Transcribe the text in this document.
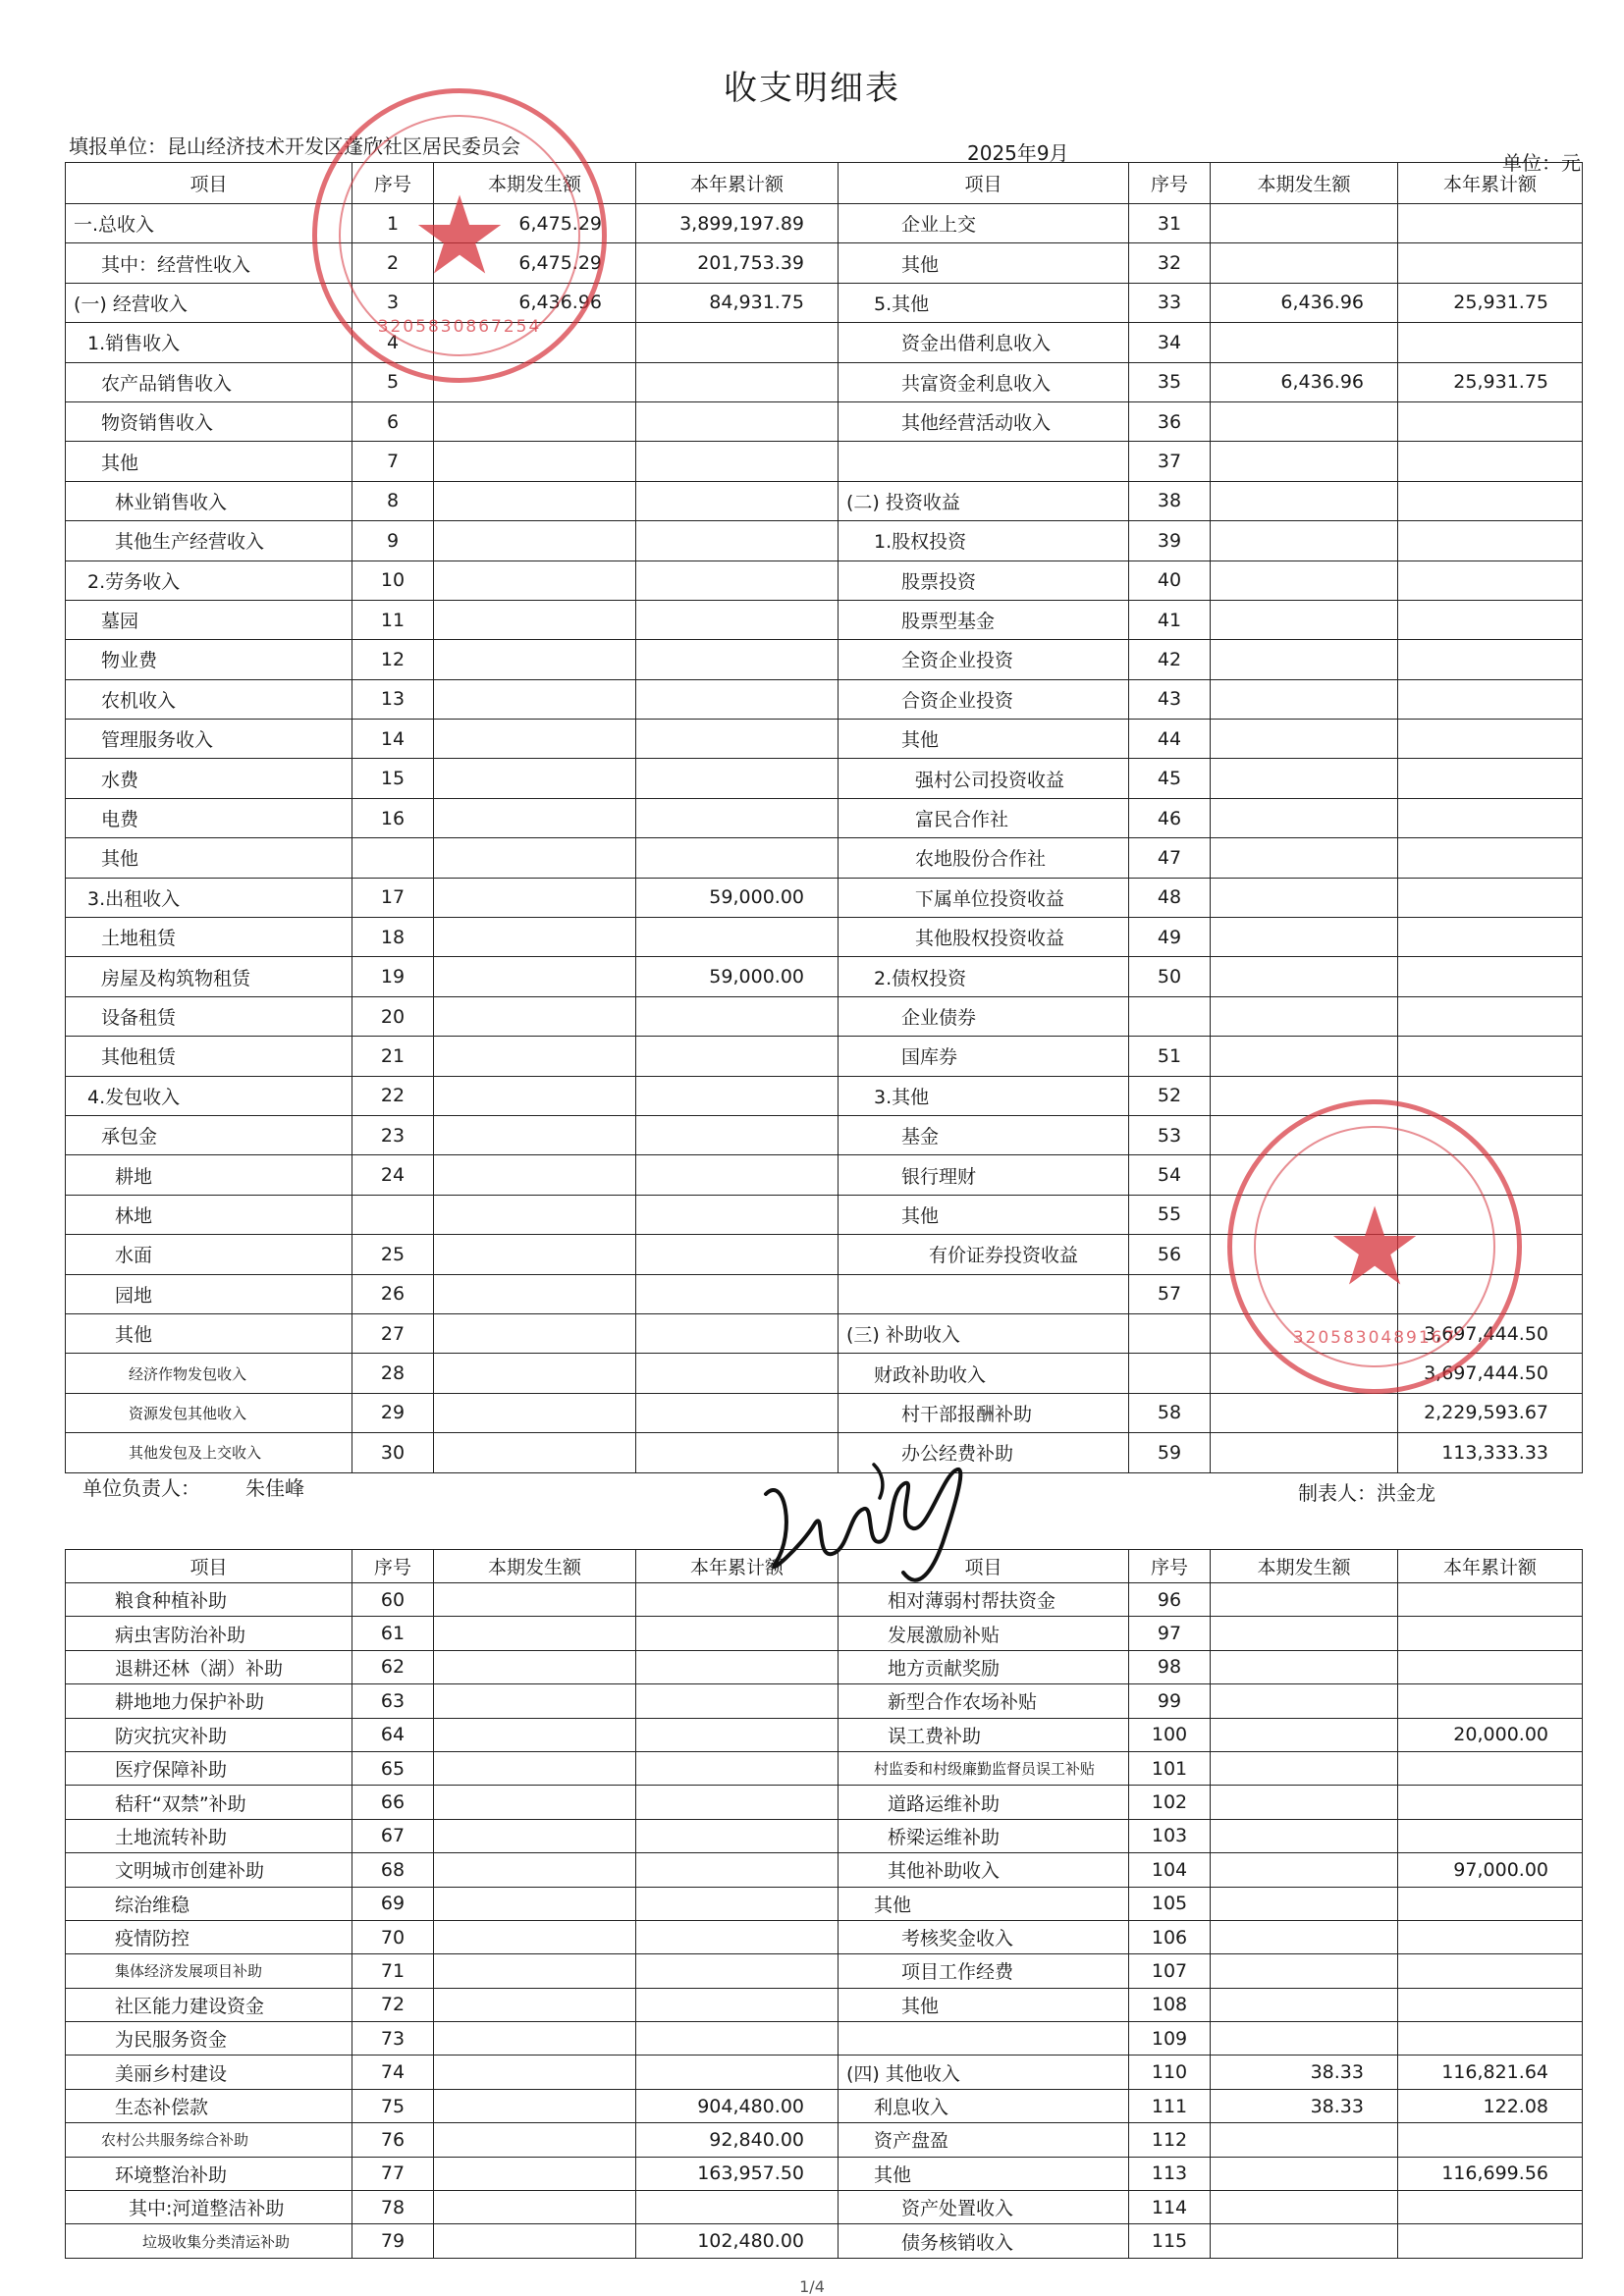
收支明细表
填报单位：昆山经济技术开发区蓬欣社区居民委员会	2025年9月	单位：元
项目	序号	本期发生额	本年累计额	项目	序号	本期发生额	本年累计额
一.总收入	1	6,475.29	3,899,197.89	企业上交	31		
其中：经营性收入	2	6,475.29	201,753.39	其他	32		
(一) 经营收入	3	6,436.96	84,931.75	5.其他	33	6,436.96	25,931.75
1.销售收入	4			资金出借利息收入	34		
农产品销售收入	5			共富资金利息收入	35	6,436.96	25,931.75
物资销售收入	6			其他经营活动收入	36		
其他	7				37		
林业销售收入	8			(二) 投资收益	38		
其他生产经营收入	9			1.股权投资	39		
2.劳务收入	10			股票投资	40		
墓园	11			股票型基金	41		
物业费	12			全资企业投资	42		
农机收入	13			合资企业投资	43		
管理服务收入	14			其他	44		
水费	15			强村公司投资收益	45		
电费	16			富民合作社	46		
其他				农地股份合作社	47		
3.出租收入	17		59,000.00	下属单位投资收益	48		
土地租赁	18			其他股权投资收益	49		
房屋及构筑物租赁	19		59,000.00	2.债权投资	50		
设备租赁	20			企业债券			
其他租赁	21			国库券	51		
4.发包收入	22			3.其他	52		
承包金	23			基金	53		
耕地	24			银行理财	54		
林地				其他	55		
水面	25			有价证券投资收益	56		
园地	26				57		
其他	27			(三) 补助收入			3,697,444.50
经济作物发包收入	28			财政补助收入			3,697,444.50
资源发包其他收入	29			村干部报酬补助	58		2,229,593.67
其他发包及上交收入	30			办公经费补助	59		113,333.33
单位负责人： 朱佳峰	制表人：洪金龙
项目	序号	本期发生额	本年累计额	项目	序号	本期发生额	本年累计额
粮食种植补助	60			相对薄弱村帮扶资金	96		
病虫害防治补助	61			发展激励补贴	97		
退耕还林（湖）补助	62			地方贡献奖励	98		
耕地地力保护补助	63			新型合作农场补贴	99		
防灾抗灾补助	64			误工费补助	100		20,000.00
医疗保障补助	65			村监委和村级廉勤监督员误工补贴	101		
秸秆“双禁”补助	66			道路运维补助	102		
土地流转补助	67			桥梁运维补助	103		
文明城市创建补助	68			其他补助收入	104		97,000.00
综治维稳	69			其他	105		
疫情防控	70			考核奖金收入	106		
集体经济发展项目补助	71			项目工作经费	107		
社区能力建设资金	72			其他	108		
为民服务资金	73				109		
美丽乡村建设	74			(四) 其他收入	110	38.33	116,821.64
生态补偿款	75		904,480.00	利息收入	111	38.33	122.08
农村公共服务综合补助	76		92,840.00	资产盘盈	112		
环境整治补助	77		163,957.50	其他	113		116,699.56
其中:河道整洁补助	78			资产处置收入	114		
垃圾收集分类清运补助	79		102,480.00	债务核销收入	115		
★
3205830867254
★
3205830489167
1/4
